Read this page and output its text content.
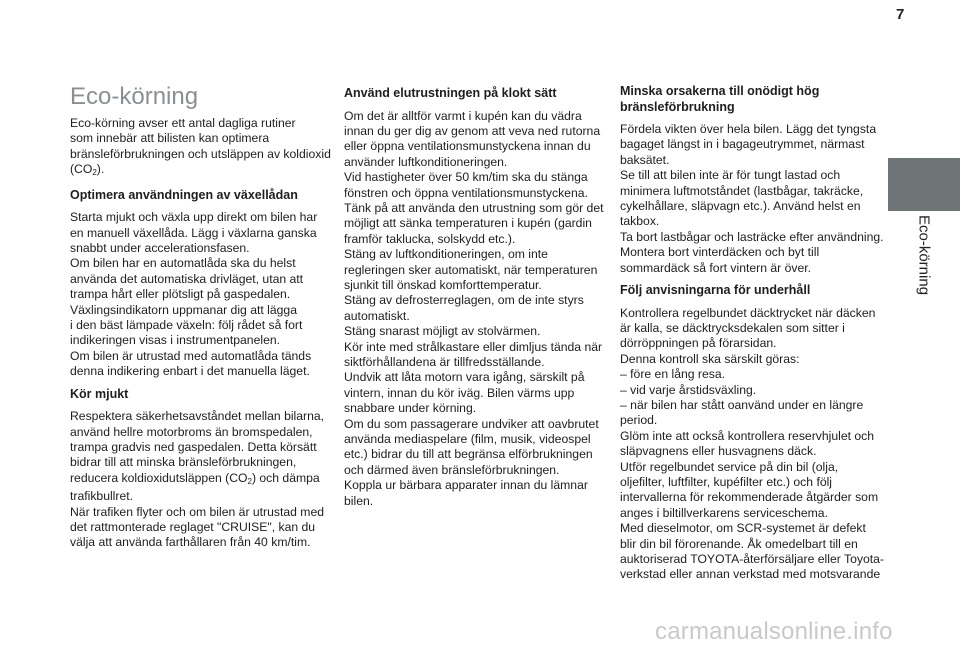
7
Eco-körning
Eco-körning

Eco-körning avser ett antal dagliga rutiner
som innebär att bilisten kan optimera
bränsleförbrukningen och utsläppen av koldioxid
$(CO_2)$.

Optimera användningen av växellådan

Starta mjukt och växla upp direkt om bilen har
en manuell växellåda. Lägg i växlarna ganska
snabbt under accelerationsfasen.
Om bilen har en automatlåda ska du helst
använda det automatiska drivläget, utan att
trampa hårt eller plötsligt på gaspedalen.
Växlingsindikatorn uppmanar dig att lägga
i den bäst lämpade växeln: följ rådet så fort
indikeringen visas i instrumentpanelen.
Om bilen är utrustad med automatlåda tänds
denna indikering enbart i det manuella läget.

Kör mjukt

Respektera säkerhetsavståndet mellan bilarna,
använd hellre motorbroms än bromspedalen,
trampa gradvis ned gaspedalen. Detta körsätt
bidrar till att minska bränsleförbrukningen,
reducera koldioxidutsläppen $(CO_2)$ och dämpa
trafikbullret.
När trafiken flyter och om bilen är utrustad med
det rattmonterade reglaget "CRUISE", kan du
välja att använda farthållaren från 40 km/tim.

Använd elutrustningen på klokt sätt

Om det är alltför varmt i kupén kan du vädra
innan du ger dig av genom att veva ned rutorna
eller öppna ventilationsmunstyckena innan du
använder luftkonditioneringen.
Vid hastigheter över 50 km/tim ska du stänga
fönstren och öppna ventilationsmunstyckena.
Tänk på att använda den utrustning som gör det
möjligt att sänka temperaturen i kupén (gardin
framför taklucka, solskydd etc.).
Stäng av luftkonditioneringen, om inte
regleringen sker automatiskt, när temperaturen
sjunkit till önskad komforttemperatur.
Stäng av defrosterreglagen, om de inte styrs
automatiskt.
Stäng snarast möjligt av stolvärmen.
Kör inte med strålkastare eller dimljus tända när
siktförhållandena är tillfredsställande.
Undvik att låta motorn vara igång, särskilt på
vintern, innan du kör iväg. Bilen värms upp
snabbare under körning.
Om du som passagerare undviker att oavbrutet
använda mediaspelare (film, musik, videospel
etc.) bidrar du till att begränsa elförbrukningen
och därmed även bränsleförbrukningen.
Koppla ur bärbara apparater innan du lämnar
bilen.

Minska orsakerna till onödigt hög
bränsleförbrukning

Fördela vikten över hela bilen. Lägg det tyngsta
bagaget längst in i bagageutrymmet, närmast
baksätet.
Se till att bilen inte är för tungt lastad och
minimera luftmotståndet (lastbågar, takräcke,
cykelhållare, släpvagn etc.). Använd helst en
takbox.
Ta bort lastbågar och lasträcke efter användning.
Montera bort vinterdäcken och byt till
sommardäck så fort vintern är över.

Följ anvisningarna för underhåll

Kontrollera regelbundet däcktrycket när däcken
är kalla, se däcktrycksdekalen som sitter i
dörröppningen på förarsidan.
Denna kontroll ska särskilt göras:
– före en lång resa.
– vid varje årstidsväxling.
– när bilen har stått oanvänd under en längre
period.
Glöm inte att också kontrollera reservhjulet och
släpvagnens eller husvagnens däck.
Utför regelbundet service på din bil (olja,
oljefilter, luftfilter, kupéfilter etc.) och följ
intervallerna för rekommenderade åtgärder som
anges i biltillverkarens serviceschema.
Med dieselmotor, om SCR-systemet är defekt
blir din bil förorenande. Åk omedelbart till en
auktoriserad TOYOTA-återförsäljare eller Toyota-
verkstad eller annan verkstad med motsvarande

carmanualsonline.info
